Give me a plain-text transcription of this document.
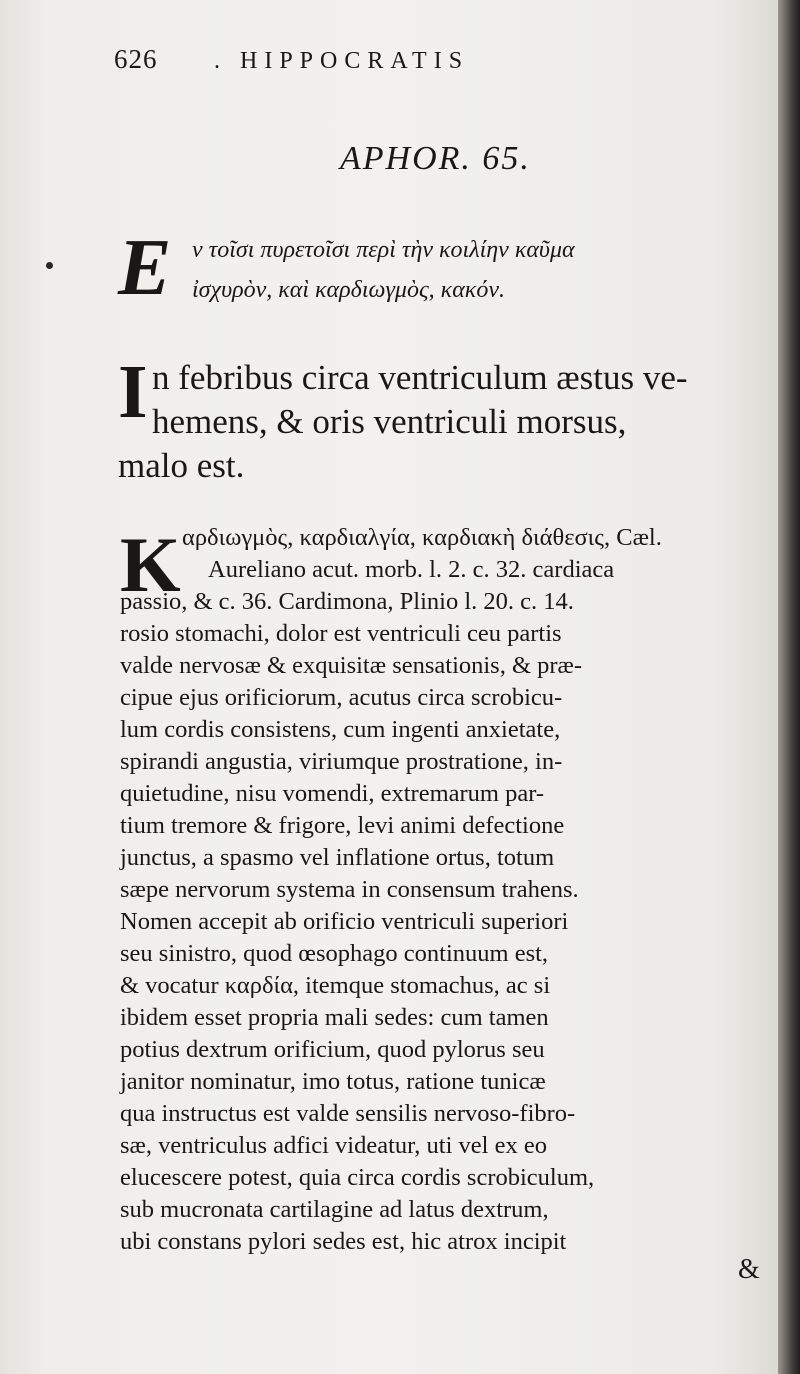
626 . HIPPOCRATIS
APHOR. 65.
E ν τοῖσι πυρετοῖσι περὶ τὴν κοιλίην καῦμα
ἰσχυρὸν, καὶ καρδιωγμὸς, κακόν.
I n febribus circa ventriculum æstus ve-
hemens, & oris ventriculi morsus,
malo est.
K αρδιωγμὸς, καρδιαλγία, καρδιακὴ διάθεσις, Cæl.
Aureliano acut. morb. l. 2. c. 32. cardiaca
passio, & c. 36. Cardimona, Plinio l. 20. c. 14.
rosio stomachi, dolor est ventriculi ceu partis
valde nervosæ & exquisitæ sensationis, & præ-
cipue ejus orificiorum, acutus circa scrobicu-
lum cordis consistens, cum ingenti anxietate,
spirandi angustia, viriumque prostratione, in-
quietudine, nisu vomendi, extremarum par-
tium tremore & frigore, levi animi defectione
junctus, a spasmo vel inflatione ortus, totum
sæpe nervorum systema in consensum trahens.
Nomen accepit ab orificio ventriculi superiori
seu sinistro, quod œsophago continuum est,
& vocatur καρδία, itemque stomachus, ac si
ibidem esset propria mali sedes: cum tamen
potius dextrum orificium, quod pylorus seu
janitor nominatur, imo totus, ratione tunicæ
qua instructus est valde sensilis nervoso-fibro-
sæ, ventriculus adfici videatur, uti vel ex eo
elucescere potest, quia circa cordis scrobiculum,
sub mucronata cartilagine ad latus dextrum,
ubi constans pylori sedes est, hic atrox incipit
&
